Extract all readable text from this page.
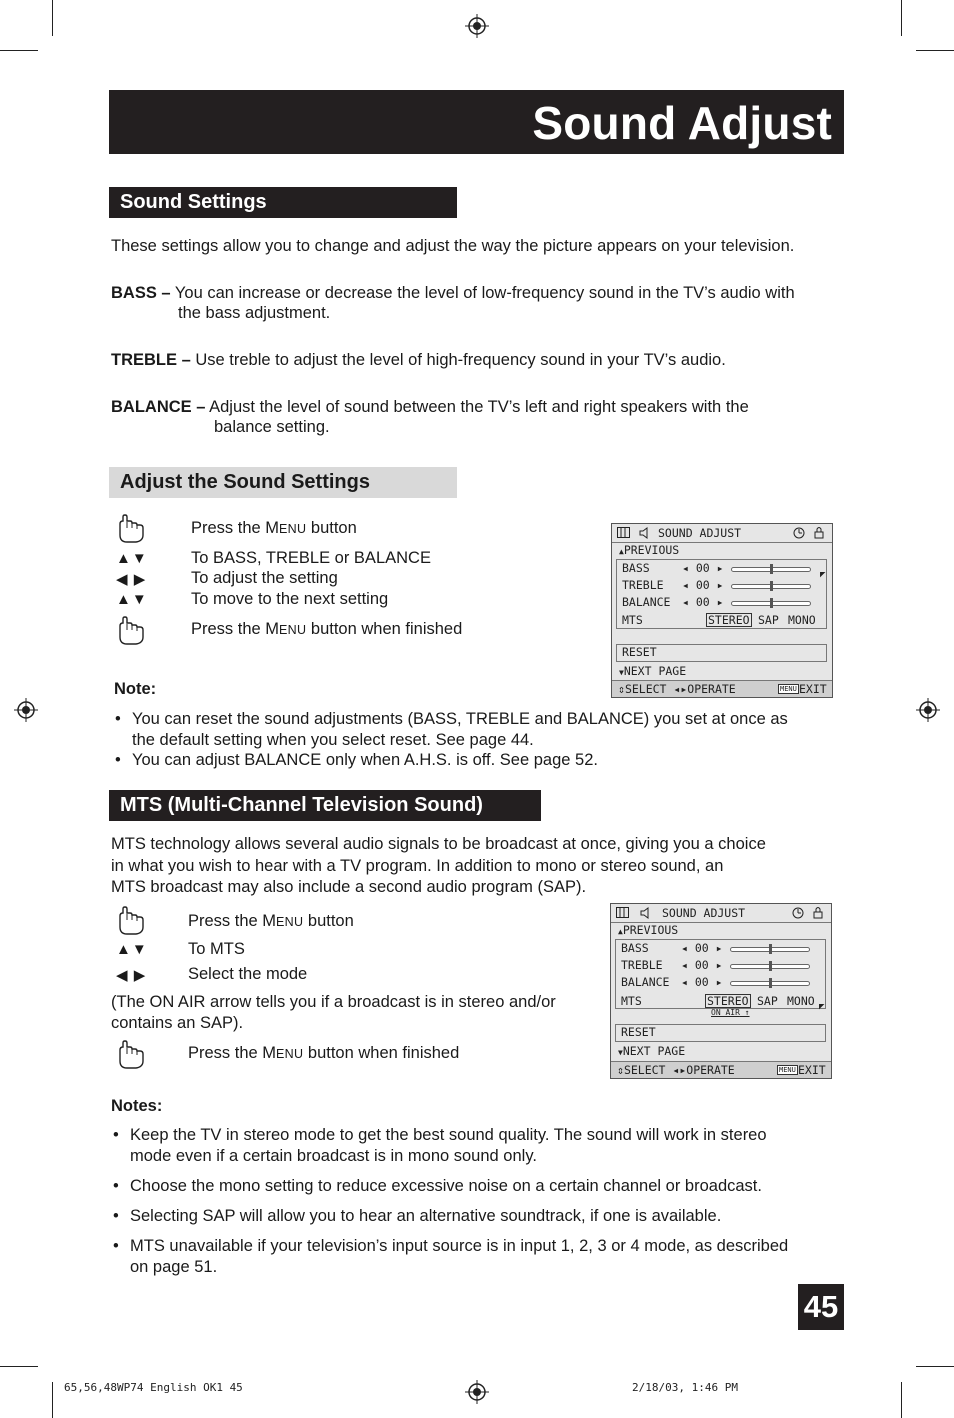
Sound Adjust
Sound Settings
These settings allow you to change and adjust the way the picture appears on your television.
BASS – You can increase or decrease the level of low-frequency sound in the TV’s audio with
the bass adjustment.
TREBLE – Use treble to adjust the level of high-frequency sound in your TV’s audio.
BALANCE – Adjust the level of sound between the TV’s left and right speakers with the
balance setting.
Adjust the Sound Settings
Press the MENU button
▲▼	To BASS, TREBLE or BALANCE
◀ ▶	To adjust the setting
▲▼	To move to the next setting
Press the MENU button when finished
SOUND ADJUST
▲PREVIOUS
BASS	◂ 00 ▸
TREBLE ◂ 00 ▸
BALANCE ◂ 00 ▸
MTS	STEREO SAP MONO
◤
RESET
▼NEXT PAGE
⇕SELECT ◂▸OPERATE	MENU EXIT
Note:
• You can reset the sound adjustments (BASS, TREBLE and BALANCE) you set at once as
the default setting when you select reset. See page 44.
• You can adjust BALANCE only when A.H.S. is off. See page 52.
MTS (Multi-Channel Television Sound)
MTS technology allows several audio signals to be broadcast at once, giving you a choice
in what you wish to hear with a TV program. In addition to mono or stereo sound, an
MTS broadcast may also include a second audio program (SAP).
Press the MENU button
▲▼ To MTS
◀ ▶	Select the mode
(The ON AIR arrow tells you if a broadcast is in stereo and/or
contains an SAP).
Press the MENU button when finished
SOUND ADJUST
▲PREVIOUS
BASS	◂ 00 ▸
TREBLE ◂ 00 ▸
BALANCE ◂ 00 ▸
MTS	STEREO SAP MONO
ON AIR ↑
◤
RESET
▼NEXT PAGE
⇕SELECT ◂▸OPERATE	MENU EXIT
Notes:
• Keep the TV in stereo mode to get the best sound quality. The sound will work in stereo
mode even if a certain broadcast is in mono sound only.
• Choose the mono setting to reduce excessive noise on a certain channel or broadcast.
• Selecting SAP will allow you to hear an alternative soundtrack, if one is available.
• MTS unavailable if your television’s input source is in input 1, 2, 3 or 4 mode, as described
on page 51.
45
65,56,48WP74 English OK1 45	2/18/03, 1:46 PM
